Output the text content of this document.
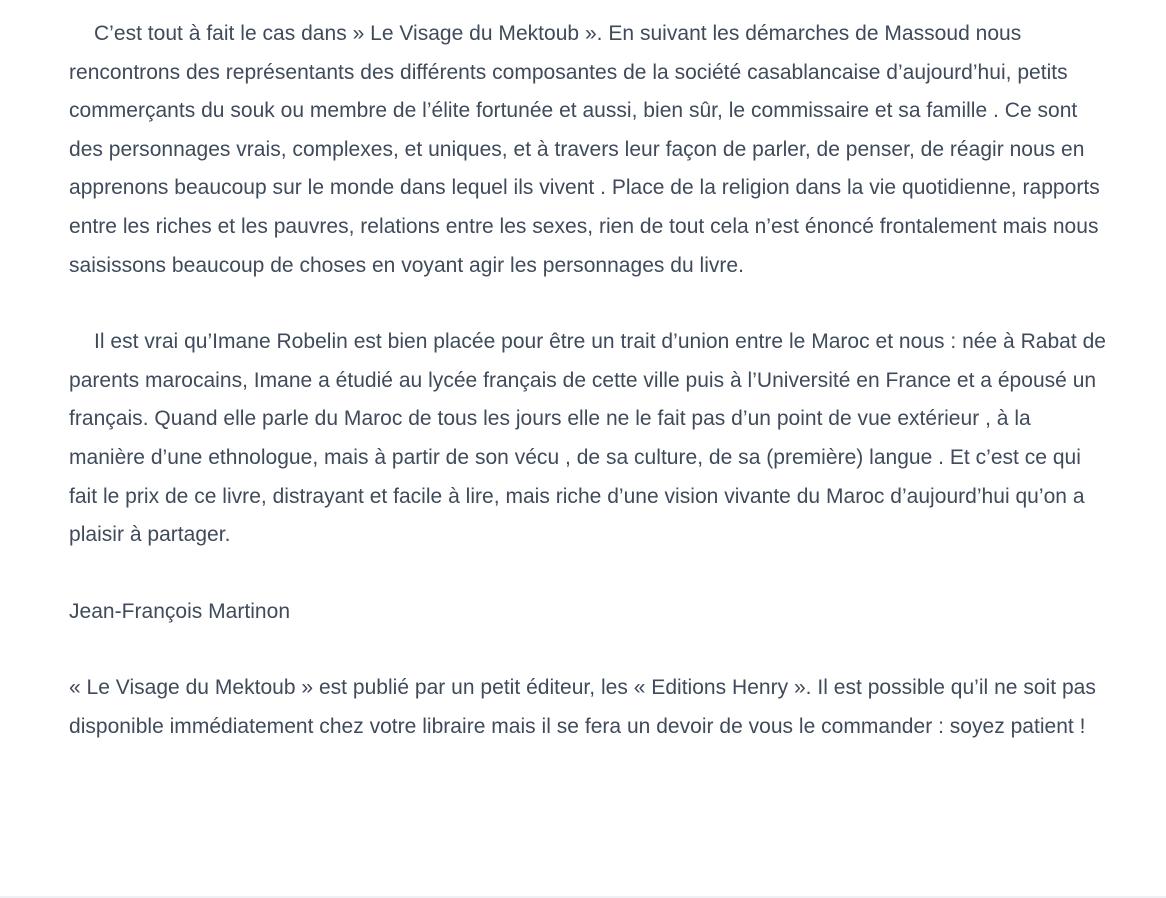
C’est tout à fait le cas dans » Le Visage du Mektoub ». En suivant les démarches de Massoud nous rencontrons des représentants des différents composantes de la société casablancaise d’aujourd’hui, petits commerçants du souk ou membre de l’élite fortunée et aussi, bien sûr, le commissaire et sa famille . Ce sont des personnages vrais, complexes, et uniques, et à travers leur façon de parler, de penser, de réagir nous en apprenons beaucoup sur le monde dans lequel ils vivent . Place de la religion dans la vie quotidienne, rapports entre les riches et les pauvres, relations entre les sexes, rien de tout cela n’est énoncé frontalement mais nous saisissons beaucoup de choses en voyant agir les personnages du livre.

Il est vrai qu’Imane Robelin est bien placée pour être un trait d’union entre le Maroc et nous : née à Rabat de parents marocains, Imane a étudié au lycée français de cette ville puis à l’Université en France et a épousé un français. Quand elle parle du Maroc de tous les jours elle ne le fait pas d’un point de vue extérieur , à la manière d’une ethnologue, mais à partir de son vécu , de sa culture, de sa (première) langue . Et c’est ce qui fait le prix de ce livre, distrayant et facile à lire, mais riche d’une vision vivante du Maroc d’aujourd’hui qu’on a plaisir à partager.

Jean-François Martinon

« Le Visage du Mektoub » est publié par un petit éditeur, les « Editions Henry ». Il est possible qu’il ne soit pas disponible immédiatement chez votre libraire mais il se fera un devoir de vous le commander : soyez patient !
